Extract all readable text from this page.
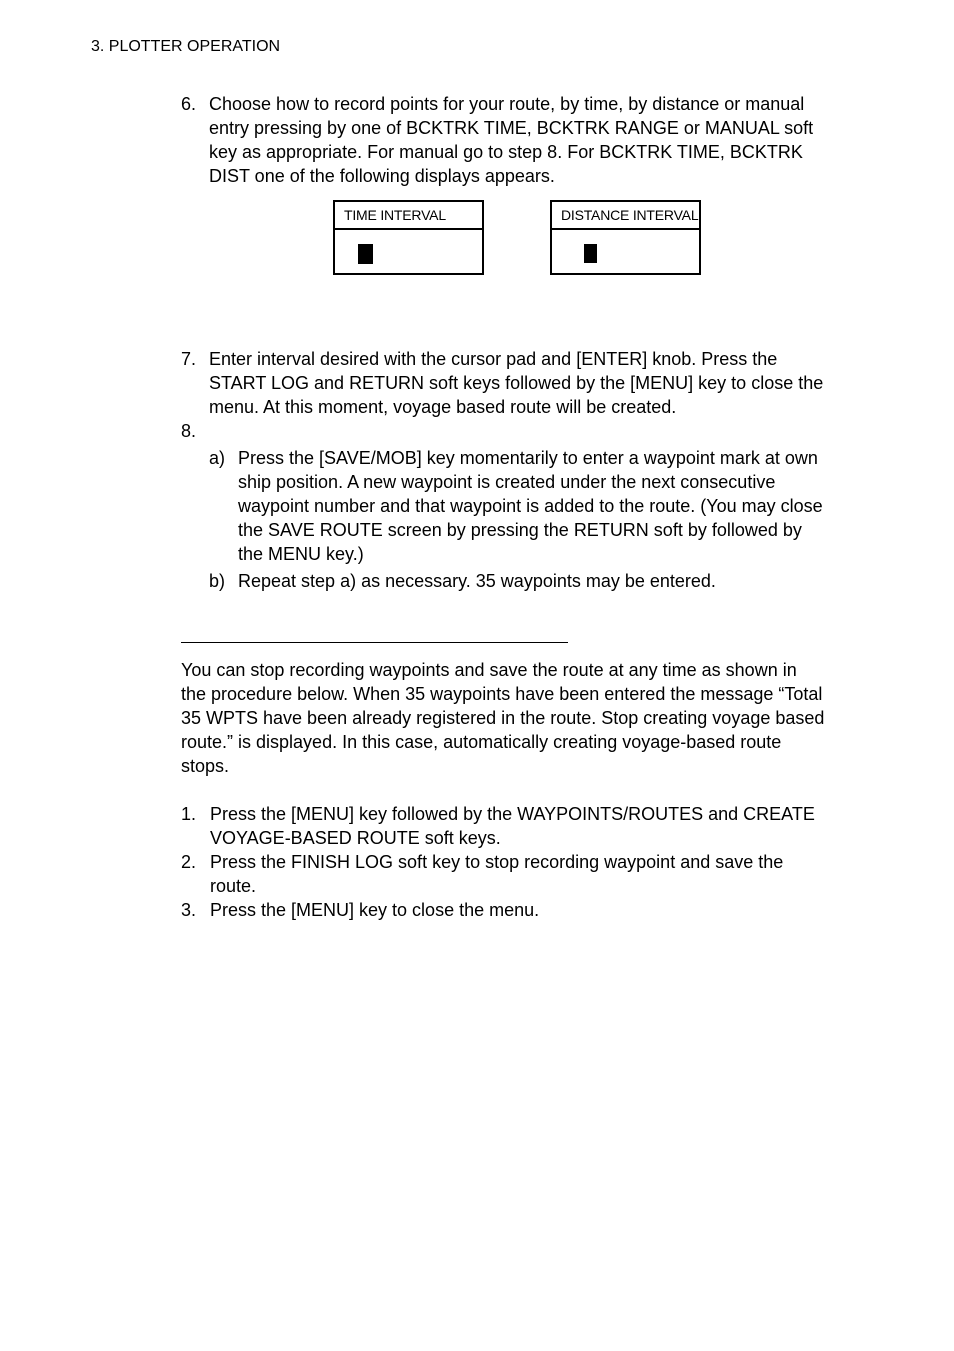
3. PLOTTER OPERATION
6. Choose how to record points for your route, by time, by distance or manual
entry pressing by one of BCKTRK TIME, BCKTRK RANGE or MANUAL soft
key as appropriate. For manual go to step 8. For BCKTRK TIME, BCKTRK
DIST one of the following displays appears.
TIME INTERVAL	DISTANCE INTERVAL
7. Enter interval desired with the cursor pad and [ENTER] knob. Press the
START LOG and RETURN soft keys followed by the [MENU] key to close the
menu. At this moment, voyage based route will be created.
8.
a) Press the [SAVE/MOB] key momentarily to enter a waypoint mark at own
ship position. A new waypoint is created under the next consecutive
waypoint number and that waypoint is added to the route. (You may close
the SAVE ROUTE screen by pressing the RETURN soft by followed by
the MENU key.)
b) Repeat step a) as necessary. 35 waypoints may be entered.
You can stop recording waypoints and save the route at any time as shown in
the procedure below. When 35 waypoints have been entered the message “Total
35 WPTS have been already registered in the route. Stop creating voyage based
route.” is displayed. In this case, automatically creating voyage-based route
stops.
1. Press the [MENU] key followed by the WAYPOINTS/ROUTES and CREATE
VOYAGE-BASED ROUTE soft keys.
2. Press the FINISH LOG soft key to stop recording waypoint and save the
route.
3. Press the [MENU] key to close the menu.
